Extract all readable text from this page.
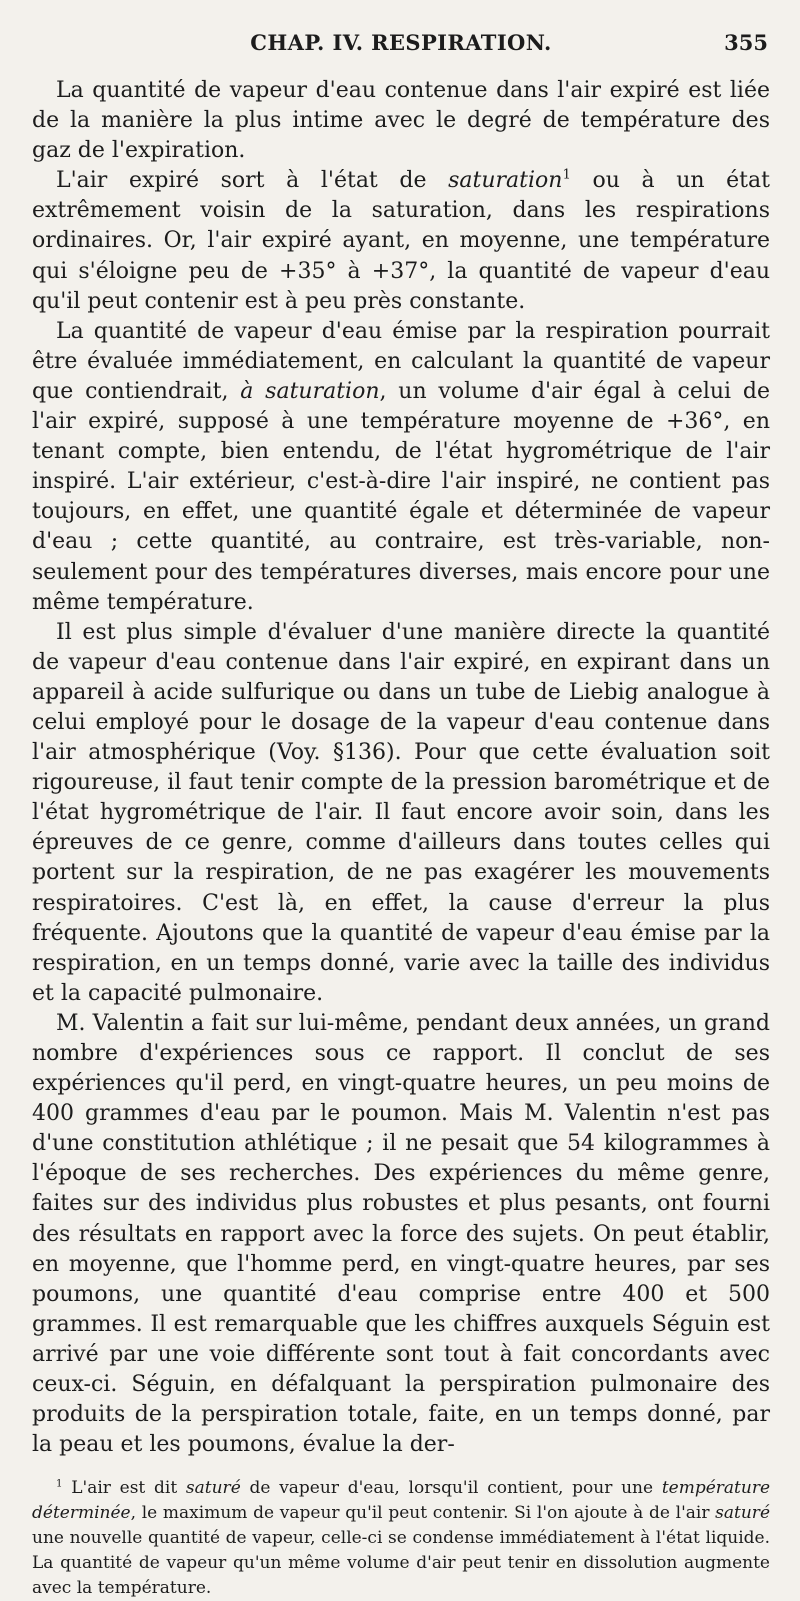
CHAP. IV. RESPIRATION.	355

La quantité de vapeur d'eau contenue dans l'air expiré est liée de la manière la plus intime avec le degré de température des gaz de l'expiration.

L'air expiré sort à l'état de saturation$^1$ ou à un état extrêmement voisin de la saturation, dans les respirations ordinaires. Or, l'air expiré ayant, en moyenne, une température qui s'éloigne peu de +35° à +37°, la quantité de vapeur d'eau qu'il peut contenir est à peu près constante.

La quantité de vapeur d'eau émise par la respiration pourrait être évaluée immédiatement, en calculant la quantité de vapeur que contiendrait, à saturation, un volume d'air égal à celui de l'air expiré, supposé à une température moyenne de +36°, en tenant compte, bien entendu, de l'état hygrométrique de l'air inspiré. L'air extérieur, c'est-à-dire l'air inspiré, ne contient pas toujours, en effet, une quantité égale et déterminée de vapeur d'eau ; cette quantité, au contraire, est très-variable, non-seulement pour des températures diverses, mais encore pour une même température.

Il est plus simple d'évaluer d'une manière directe la quantité de vapeur d'eau contenue dans l'air expiré, en expirant dans un appareil à acide sulfurique ou dans un tube de Liebig analogue à celui employé pour le dosage de la vapeur d'eau contenue dans l'air atmosphérique (Voy. §136). Pour que cette évaluation soit rigoureuse, il faut tenir compte de la pression barométrique et de l'état hygrométrique de l'air. Il faut encore avoir soin, dans les épreuves de ce genre, comme d'ailleurs dans toutes celles qui portent sur la respiration, de ne pas exagérer les mouvements respiratoires. C'est là, en effet, la cause d'erreur la plus fréquente. Ajoutons que la quantité de vapeur d'eau émise par la respiration, en un temps donné, varie avec la taille des individus et la capacité pulmonaire.

M. Valentin a fait sur lui-même, pendant deux années, un grand nombre d'expériences sous ce rapport. Il conclut de ses expériences qu'il perd, en vingt-quatre heures, un peu moins de 400 grammes d'eau par le poumon. Mais M. Valentin n'est pas d'une constitution athlétique ; il ne pesait que 54 kilogrammes à l'époque de ses recherches. Des expériences du même genre, faites sur des individus plus robustes et plus pesants, ont fourni des résultats en rapport avec la force des sujets. On peut établir, en moyenne, que l'homme perd, en vingt-quatre heures, par ses poumons, une quantité d'eau comprise entre 400 et 500 grammes. Il est remarquable que les chiffres auxquels Séguin est arrivé par une voie différente sont tout à fait concordants avec ceux-ci. Séguin, en défalquant la perspiration pulmonaire des produits de la perspiration totale, faite, en un temps donné, par la peau et les poumons, évalue la der-

$^1$ L'air est dit saturé de vapeur d'eau, lorsqu'il contient, pour une température déterminée, le maximum de vapeur qu'il peut contenir. Si l'on ajoute à de l'air saturé une nouvelle quantité de vapeur, celle-ci se condense immédiatement à l'état liquide. La quantité de vapeur qu'un même volume d'air peut tenir en dissolution augmente avec la température.
